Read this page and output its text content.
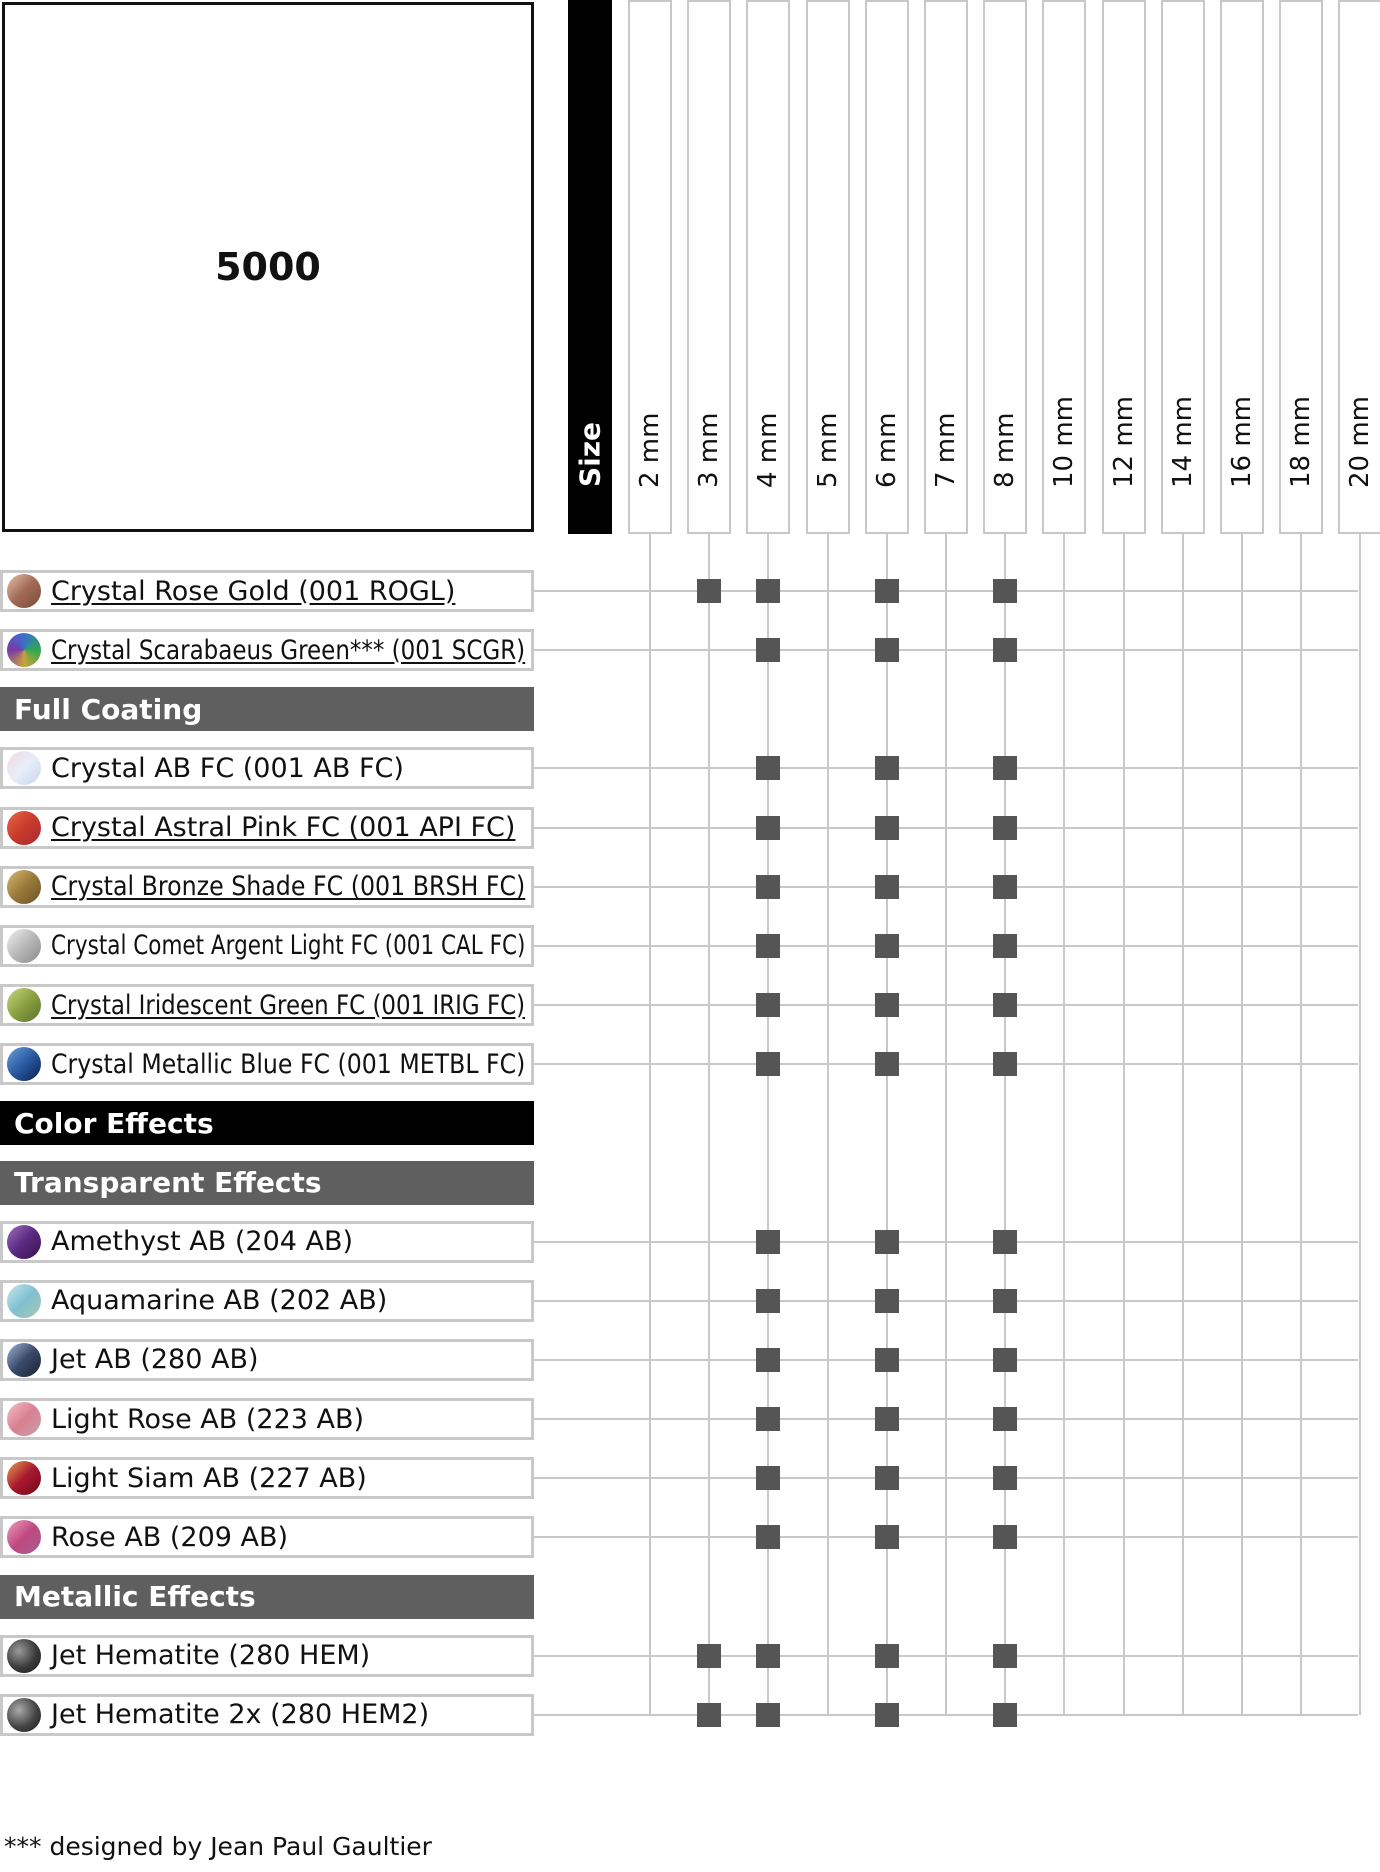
5000
Size 2 mm 3 mm 4 mm 5 mm 6 mm 7 mm 8 mm 10 mm 12 mm 14 mm 16 mm 18 mm 20 mm
Crystal Rose Gold (001 ROGL)
Crystal Scarabaeus Green*** (001 SCGR)
Full Coating
Crystal AB FC (001 AB FC)
Crystal Astral Pink FC (001 API FC)
Crystal Bronze Shade FC (001 BRSH FC)
Crystal Comet Argent Light FC (001 CAL FC)
Crystal Iridescent Green FC (001 IRIG FC)
Crystal Metallic Blue FC (001 METBL FC)
Color Effects
Transparent Effects
Amethyst AB (204 AB)
Aquamarine AB (202 AB)
Jet AB (280 AB)
Light Rose AB (223 AB)
Light Siam AB (227 AB)
Rose AB (209 AB)
Metallic Effects
Jet Hematite (280 HEM)
Jet Hematite 2x (280 HEM2)
*** designed by Jean Paul Gaultier
